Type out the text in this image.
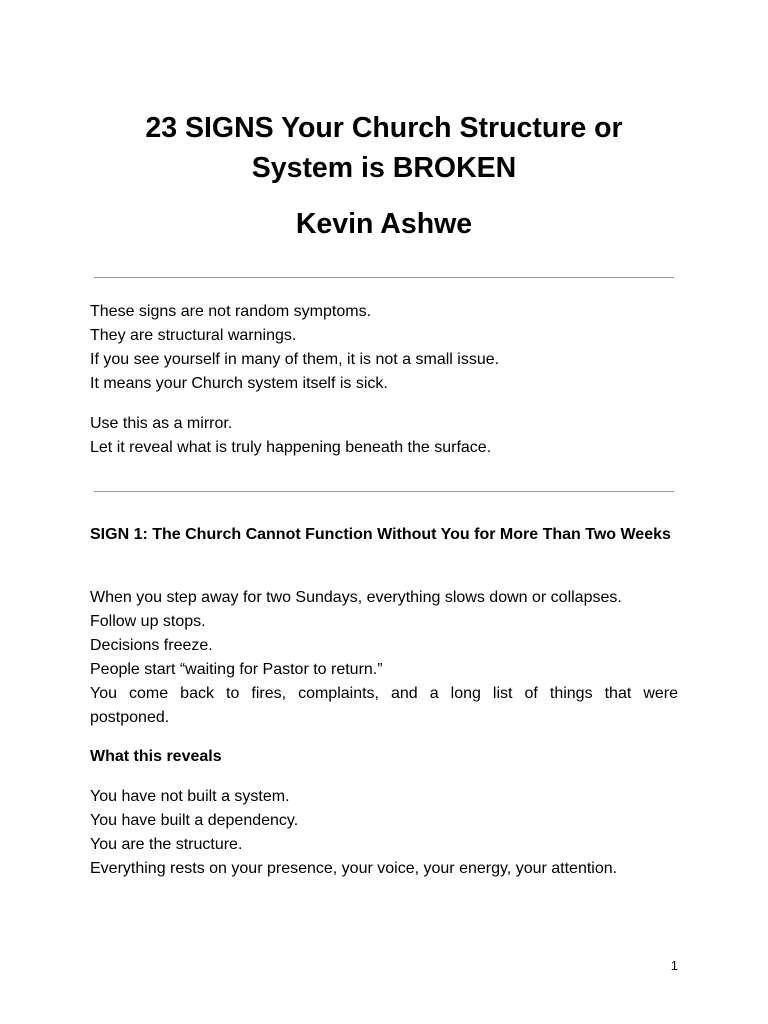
23 SIGNS Your Church Structure or
System is BROKEN
Kevin Ashwe

These signs are not random symptoms.
They are structural warnings.
If you see yourself in many of them, it is not a small issue.
It means your Church system itself is sick.

Use this as a mirror.
Let it reveal what is truly happening beneath the surface.

SIGN 1: The Church Cannot Function Without You for More Than Two Weeks

When you step away for two Sundays, everything slows down or collapses.
Follow up stops.
Decisions freeze.
People start “waiting for Pastor to return.”
You come back to fires, complaints, and a long list of things that were
postponed.

What this reveals

You have not built a system.
You have built a dependency.
You are the structure.
Everything rests on your presence, your voice, your energy, your attention.

1
